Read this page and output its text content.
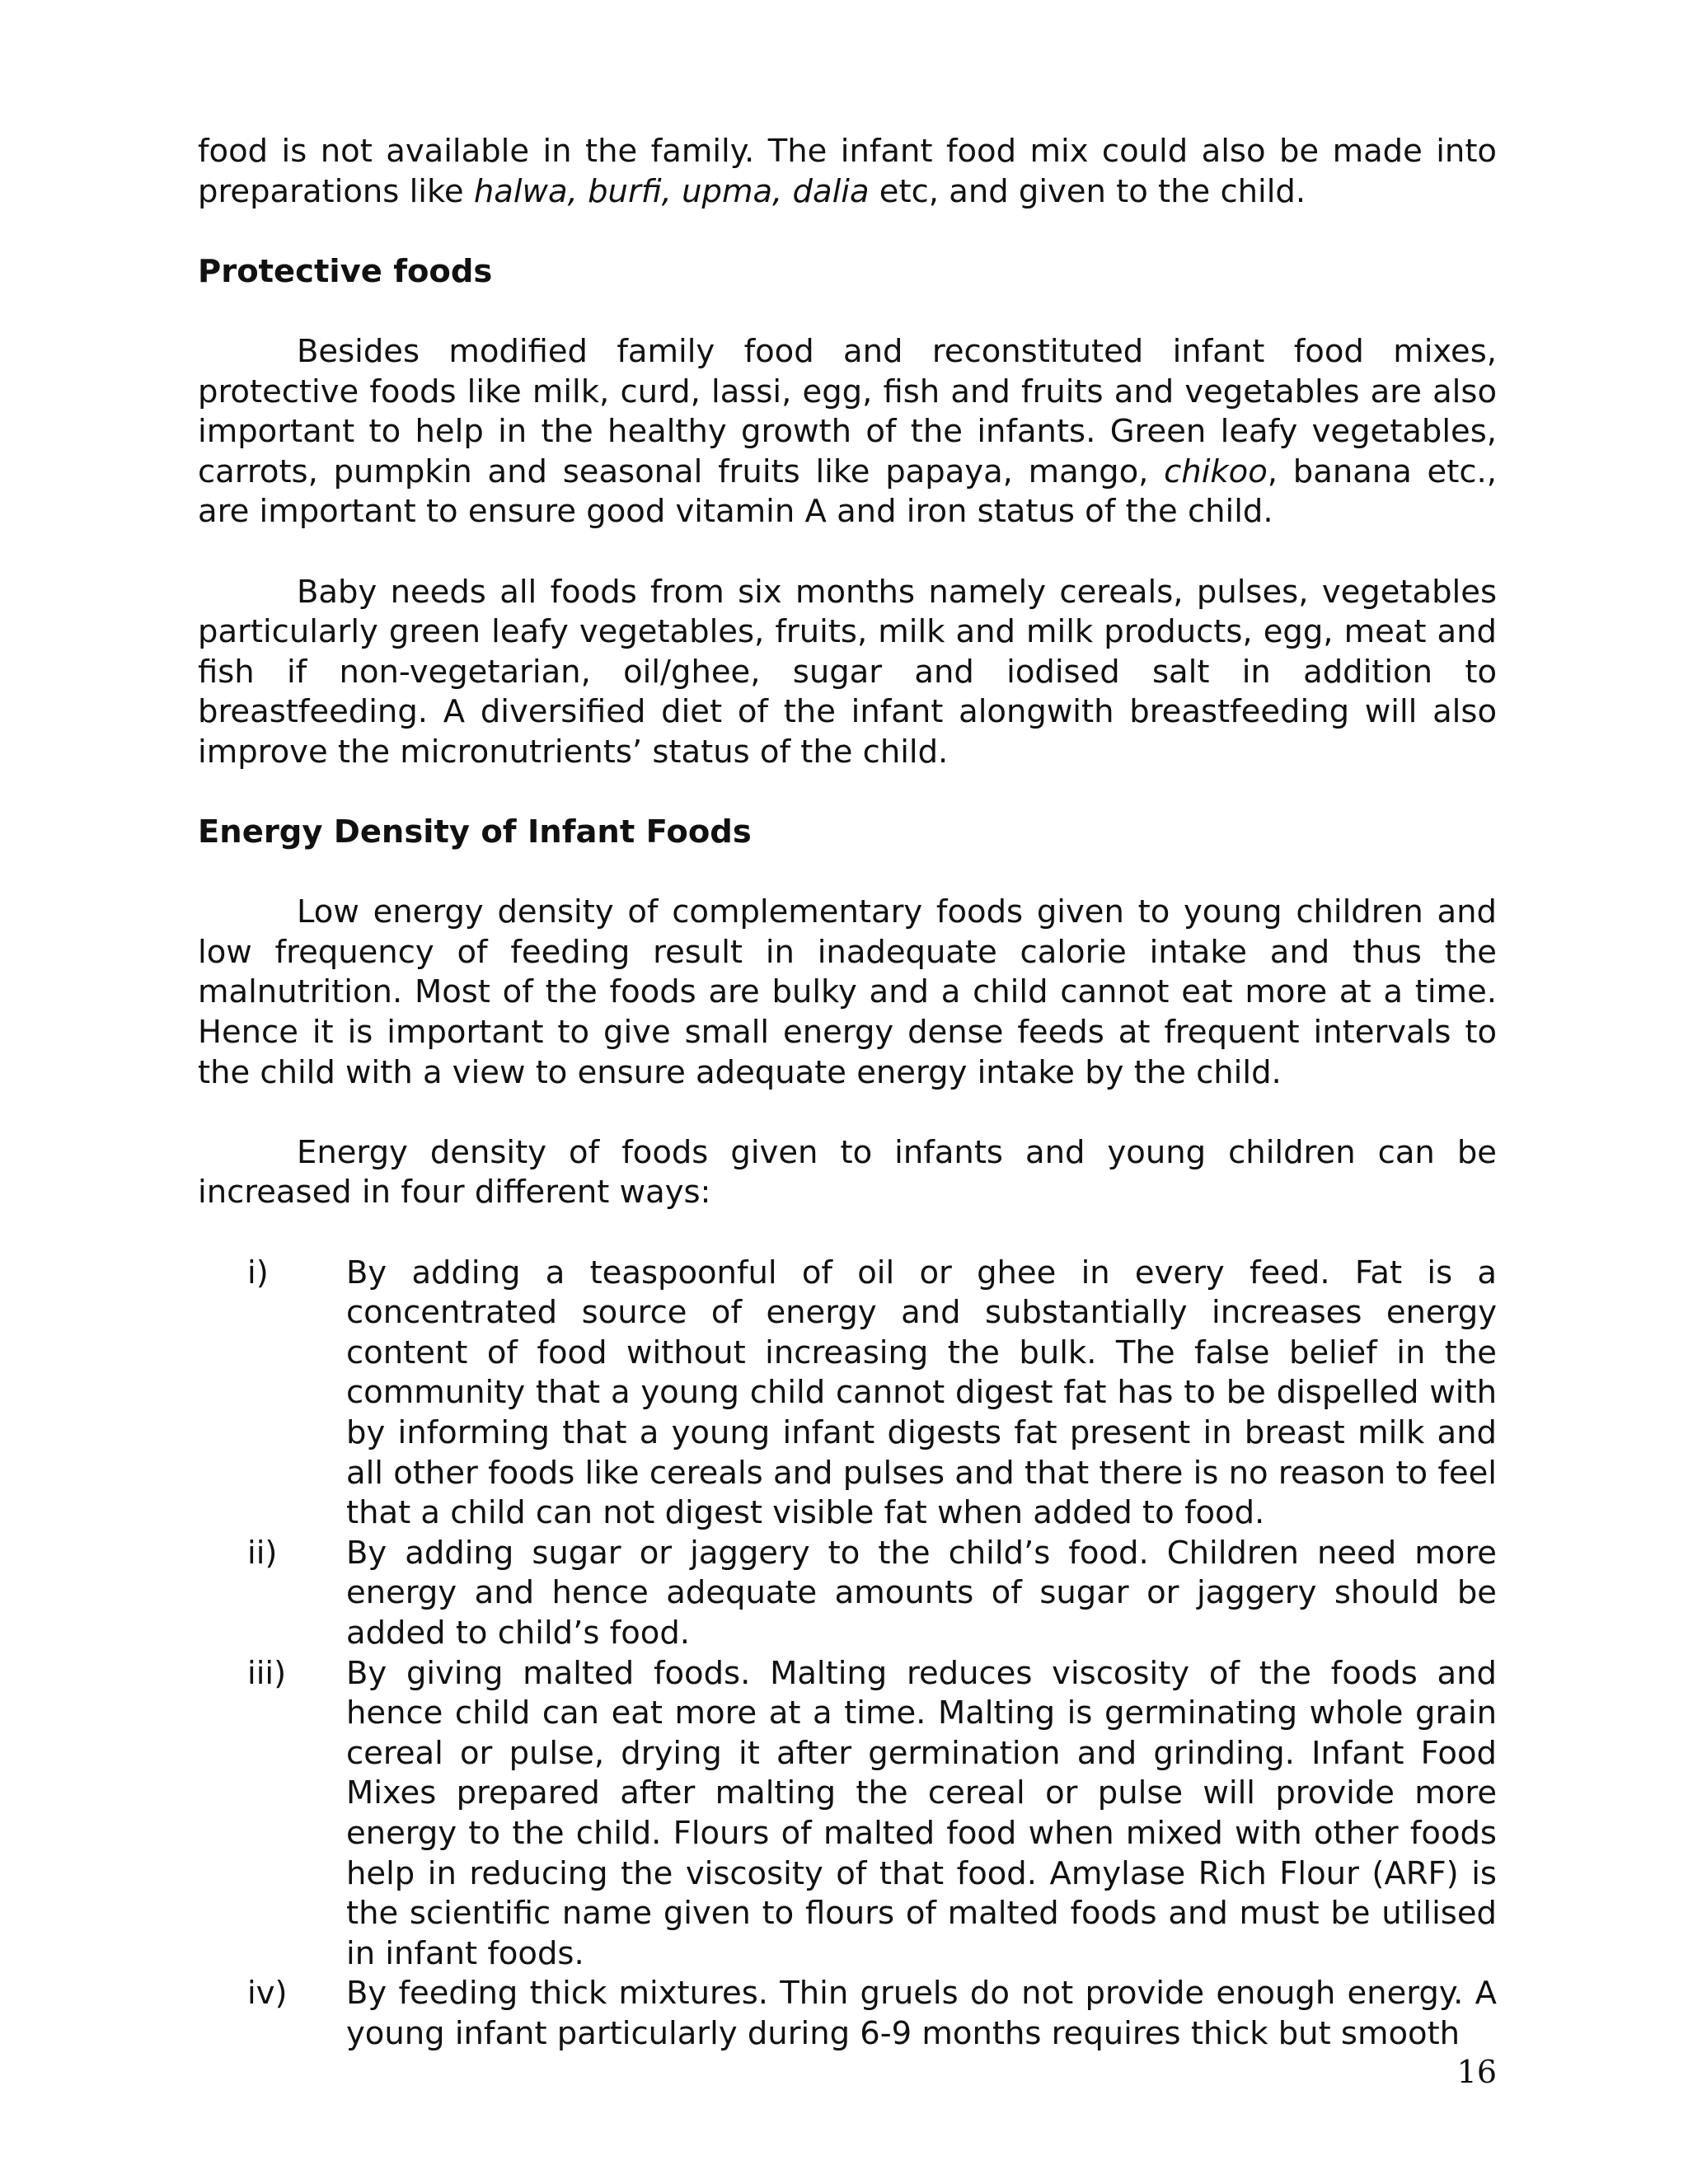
food is not available in the family. The infant food mix could also be made into preparations like halwa, burfi, upma, dalia etc, and given to the child.

Protective foods

Besides modified family food and reconstituted infant food mixes, protective foods like milk, curd, lassi, egg, fish and fruits and vegetables are also important to help in the healthy growth of the infants. Green leafy vegetables, carrots, pumpkin and seasonal fruits like papaya, mango, chikoo, banana etc., are important to ensure good vitamin A and iron status of the child.

Baby needs all foods from six months namely cereals, pulses, vegetables particularly green leafy vegetables, fruits, milk and milk products, egg, meat and fish if non-vegetarian, oil/ghee, sugar and iodised salt in addition to breastfeeding. A diversified diet of the infant alongwith breastfeeding will also improve the micronutrients’ status of the child.

Energy Density of Infant Foods

Low energy density of complementary foods given to young children and low frequency of feeding result in inadequate calorie intake and thus the malnutrition. Most of the foods are bulky and a child cannot eat more at a time. Hence it is important to give small energy dense feeds at frequent intervals to the child with a view to ensure adequate energy intake by the child.

Energy density of foods given to infants and young children can be increased in four different ways:

i)	By adding a teaspoonful of oil or ghee in every feed. Fat is a concentrated source of energy and substantially increases energy content of food without increasing the bulk. The false belief in the community that a young child cannot digest fat has to be dispelled with by informing that a young infant digests fat present in breast milk and all other foods like cereals and pulses and that there is no reason to feel that a child can not digest visible fat when added to food.
ii)	By adding sugar or jaggery to the child’s food. Children need more energy and hence adequate amounts of sugar or jaggery should be added to child’s food.
iii)	By giving malted foods. Malting reduces viscosity of the foods and hence child can eat more at a time. Malting is germinating whole grain cereal or pulse, drying it after germination and grinding. Infant Food Mixes prepared after malting the cereal or pulse will provide more energy to the child. Flours of malted food when mixed with other foods help in reducing the viscosity of that food. Amylase Rich Flour (ARF) is the scientific name given to flours of malted foods and must be utilised in infant foods.
iv) By feeding thick mixtures. Thin gruels do not provide enough energy. A young infant particularly during 6-9 months requires thick but smooth
16
